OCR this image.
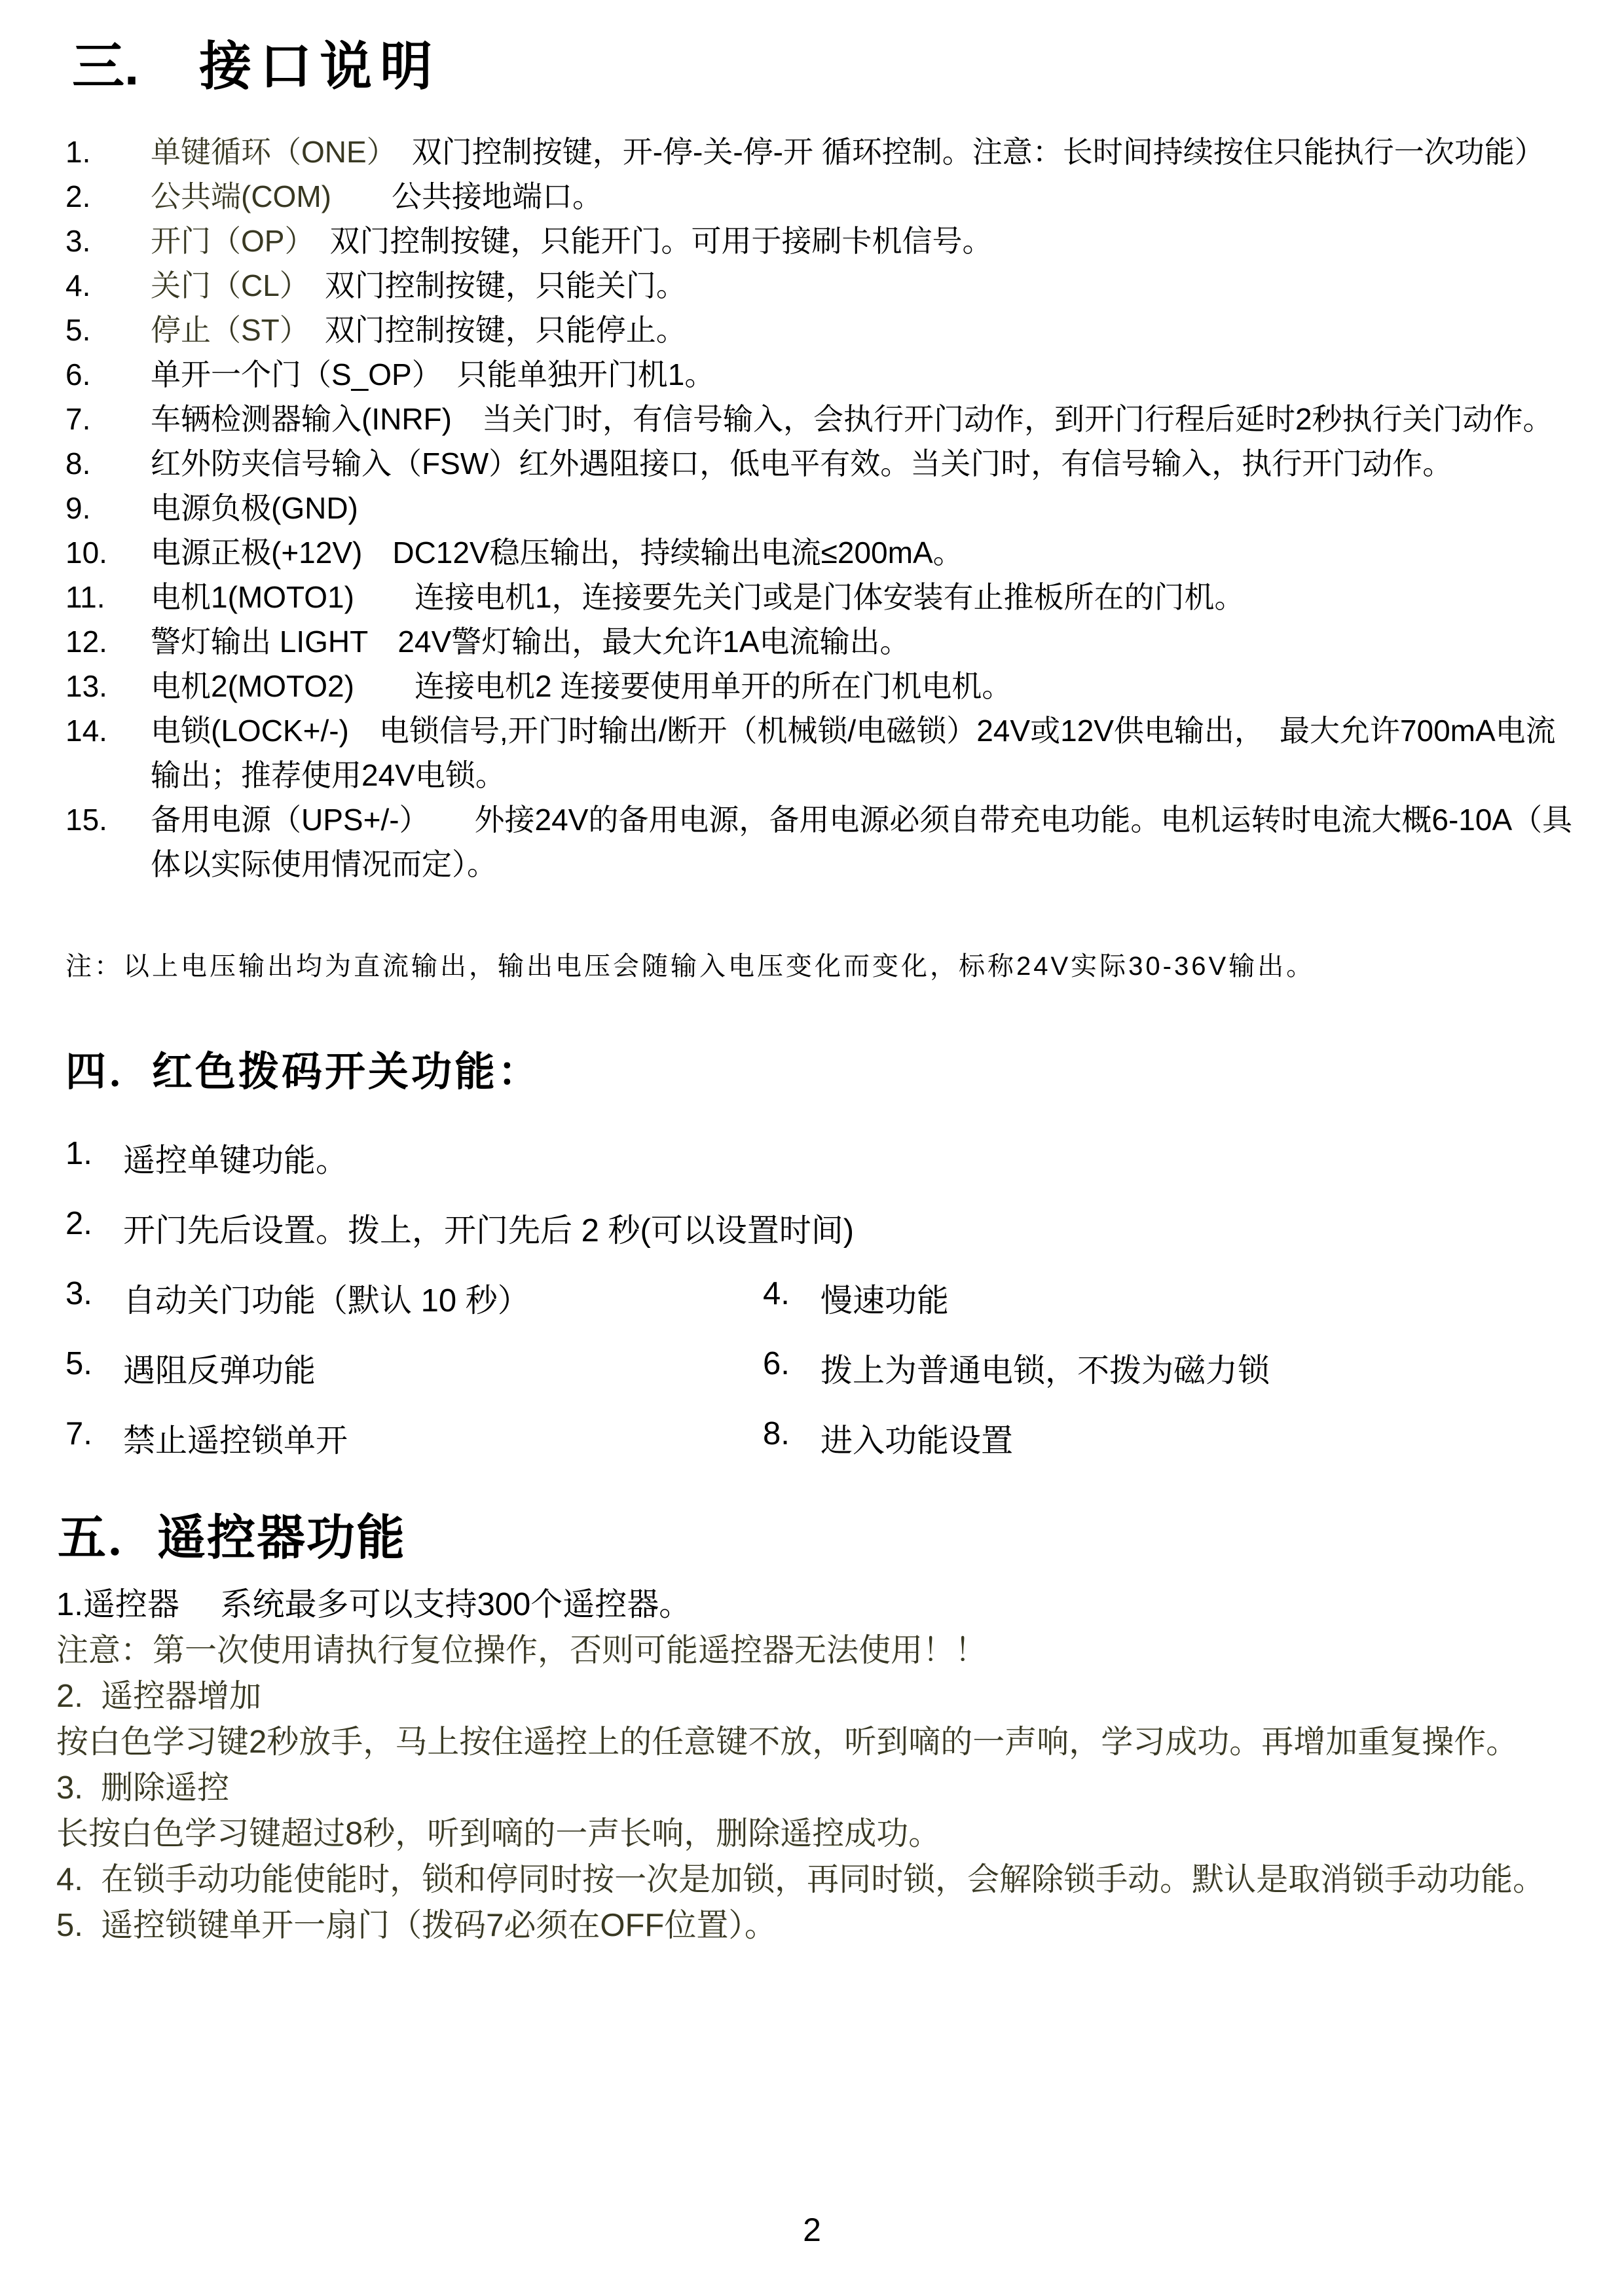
三. 接口说明
1.	单键循环（ONE）　双门控制按键，开-停-关-停-开 循环控制。注意：长时间持续按住只能执行一次功能）
2.	公共端(COM)　　公共接地端口。
3.	开门（OP）　双门控制按键，只能开门。可用于接刷卡机信号。
4.	关门（CL）　双门控制按键，只能关门。
5.	停止（ST）　双门控制按键，只能停止。
6.	单开一个门（S_OP）　只能单独开门机1。
7.	车辆检测器输入(INRF)　当关门时，有信号输入，会执行开门动作，到开门行程后延时2秒执行关门动作。
8.	红外防夹信号输入（FSW）红外遇阻接口，低电平有效。当关门时，有信号输入，执行开门动作。
9.	电源负极(GND)
10.	电源正极(+12V)　DC12V稳压输出，持续输出电流≤200mA。
11.	电机1(MOTO1)　　连接电机1，连接要先关门或是门体安装有止推板所在的门机。
12.	警灯输出 LIGHT　24V警灯输出，最大允许1A电流输出。
13.	电机2(MOTO2)　　连接电机2 连接要使用单开的所在门机电机。
14.	电锁(LOCK+/-)　电锁信号,开门时输出/断开（机械锁/电磁锁）24V或12V供电输出，　最大允许700mA电流输出；推荐使用24V电锁。
15.	备用电源（UPS+/-）　　外接24V的备用电源，备用电源必须自带充电功能。电机运转时电流大概6-10A（具体以实际使用情况而定）。

注：以上电压输出均为直流输出，输出电压会随输入电压变化而变化，标称24V实际30-36V输出。

四．红色拨码开关功能：
1. 遥控单键功能。
2. 开门先后设置。拨上，开门先后 2 秒(可以设置时间)
3. 自动关门功能（默认 10 秒）	4. 慢速功能
5. 遇阻反弹功能	6. 拨上为普通电锁，不拨为磁力锁
7. 禁止遥控锁单开	8. 进入功能设置
五．遥控器功能

1.遥控器　 系统最多可以支持300个遥控器。

注意：第一次使用请执行复位操作，否则可能遥控器无法使用！！

2.  遥控器增加

按白色学习键2秒放手，马上按住遥控上的任意键不放，听到嘀的一声响，学习成功。再增加重复操作。

3.  删除遥控

长按白色学习键超过8秒，听到嘀的一声长响，删除遥控成功。

4.  在锁手动功能使能时，锁和停同时按一次是加锁，再同时锁，会解除锁手动。默认是取消锁手动功能。

5.  遥控锁键单开一扇门（拨码7必须在OFF位置）。

2
